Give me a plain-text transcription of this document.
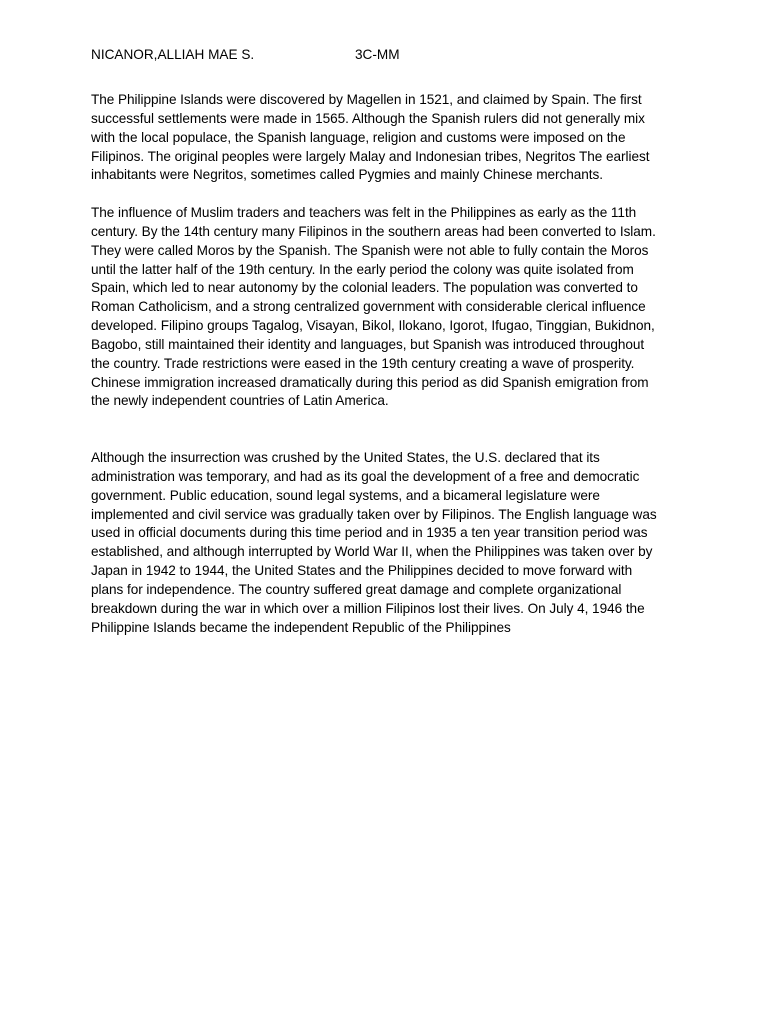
NICANOR,ALLIAH MAE S.	3C-MM

The Philippine Islands were discovered by Magellen in 1521, and claimed by Spain. The first
successful settlements were made in 1565. Although the Spanish rulers did not generally mix
with the local populace, the Spanish language, religion and customs were imposed on the
Filipinos. The original peoples were largely Malay and Indonesian tribes, Negritos The earliest
inhabitants were Negritos, sometimes called Pygmies and mainly Chinese merchants.

The influence of Muslim traders and teachers was felt in the Philippines as early as the 11th
century. By the 14th century many Filipinos in the southern areas had been converted to Islam.
They were called Moros by the Spanish. The Spanish were not able to fully contain the Moros
until the latter half of the 19th century. In the early period the colony was quite isolated from
Spain, which led to near autonomy by the colonial leaders. The population was converted to
Roman Catholicism, and a strong centralized government with considerable clerical influence
developed. Filipino groups Tagalog, Visayan, Bikol, Ilokano, Igorot, Ifugao, Tinggian, Bukidnon,
Bagobo, still maintained their identity and languages, but Spanish was introduced throughout
the country. Trade restrictions were eased in the 19th century creating a wave of prosperity.
Chinese immigration increased dramatically during this period as did Spanish emigration from
the newly independent countries of Latin America.

Although the insurrection was crushed by the United States, the U.S. declared that its
administration was temporary, and had as its goal the development of a free and democratic
government. Public education, sound legal systems, and a bicameral legislature were
implemented and civil service was gradually taken over by Filipinos. The English language was
used in official documents during this time period and in 1935 a ten year transition period was
established, and although interrupted by World War II, when the Philippines was taken over by
Japan in 1942 to 1944, the United States and the Philippines decided to move forward with
plans for independence. The country suffered great damage and complete organizational
breakdown during the war in which over a million Filipinos lost their lives. On July 4, 1946 the
Philippine Islands became the independent Republic of the Philippines
